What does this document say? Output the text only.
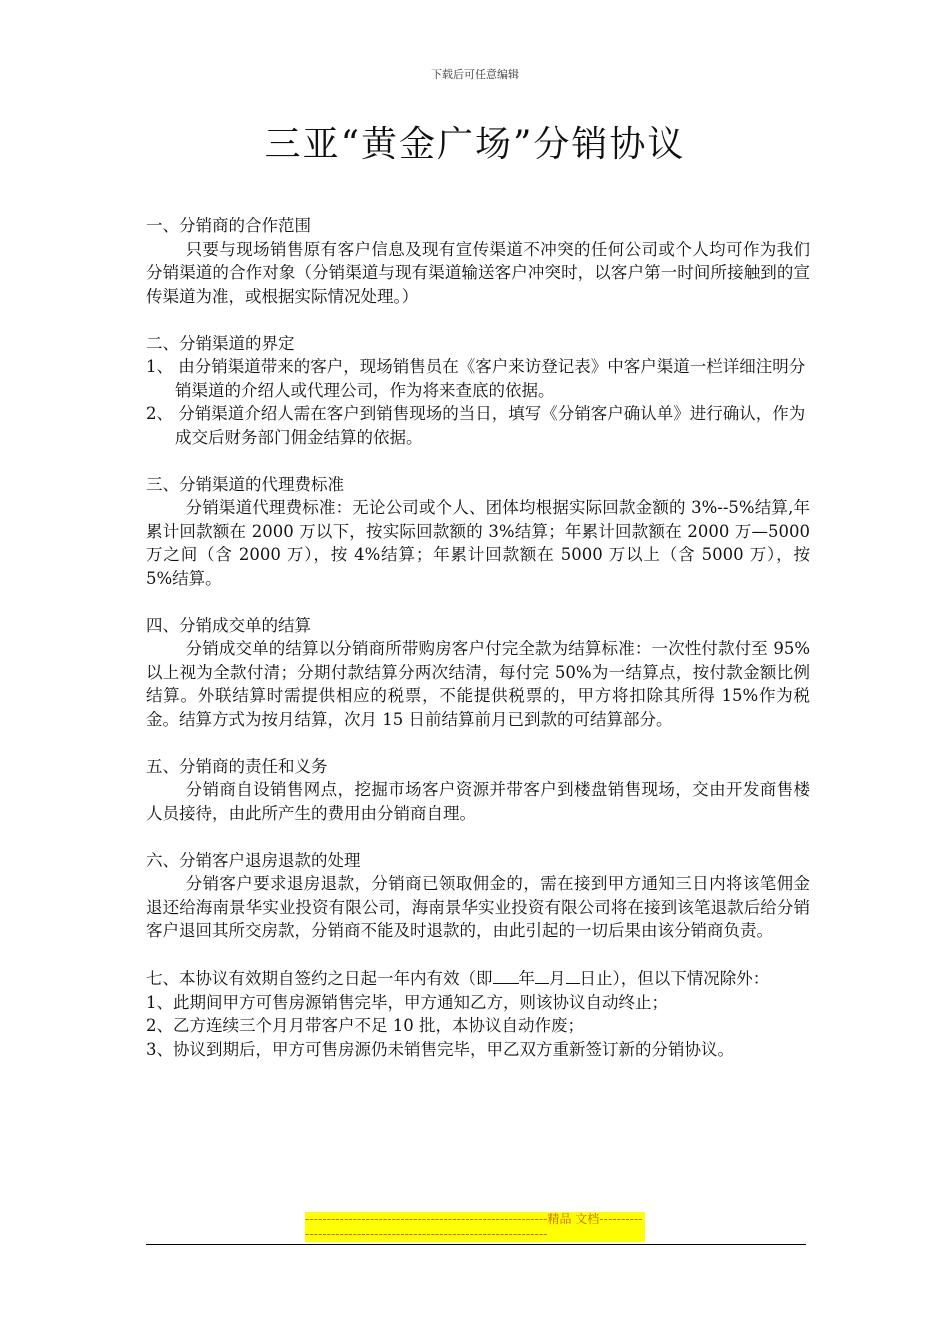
下载后可任意编辑
三亚“黄金广场”分销协议

一、分销商的合作范围

只要与现场销售原有客户信息及现有宣传渠道不冲突的任何公司或个人均可作为我们分销渠道的合作对象（分销渠道与现有渠道输送客户冲突时，以客户第一时间所接触到的宣传渠道为准，或根据实际情况处理。）

二、分销渠道的界定

1、 由分销渠道带来的客户，现场销售员在《客户来访登记表》中客户渠道一栏详细注明分销渠道的介绍人或代理公司，作为将来查底的依据。

2、 分销渠道介绍人需在客户到销售现场的当日，填写《分销客户确认单》进行确认，作为成交后财务部门佣金结算的依据。

三、分销渠道的代理费标准

分销渠道代理费标准：无论公司或个人、团体均根据实际回款金额的 3%--5%结算,年累计回款额在 2000 万以下，按实际回款额的 3%结算；年累计回款额在 2000 万—5000 万之间（含 2000 万），按 4%结算；年累计回款额在 5000 万以上（含 5000 万），按 5%结算。

四、分销成交单的结算

分销成交单的结算以分销商所带购房客户付完全款为结算标准：一次性付款付至 95%以上视为全款付清；分期付款结算分两次结清，每付完 50%为一结算点，按付款金额比例结算。外联结算时需提供相应的税票，不能提供税票的，甲方将扣除其所得 15%作为税金。结算方式为按月结算，次月 15 日前结算前月已到款的可结算部分。

五、分销商的责任和义务

分销商自设销售网点，挖掘市场客户资源并带客户到楼盘销售现场，交由开发商售楼人员接待，由此所产生的费用由分销商自理。

六、分销客户退房退款的处理

分销客户要求退房退款，分销商已领取佣金的，需在接到甲方通知三日内将该笔佣金退还给海南景华实业投资有限公司，海南景华实业投资有限公司将在接到该笔退款后给分销客户退回其所交房款，分销商不能及时退款的，由此引起的一切后果由该分销商负责。

七、本协议有效期自签约之日起一年内有效（即 年 月 日止），但以下情况除外：

1、此期间甲方可售房源销售完毕，甲方通知乙方，则该协议自动终止；

2、乙方连续三个月月带客户不足 10 批，本协议自动作废；

3、协议到期后，甲方可售房源仍未销售完毕，甲乙双方重新签订新的分销协议。

--------------------------------------------------------精品 文档------------------------------------------------------------------
